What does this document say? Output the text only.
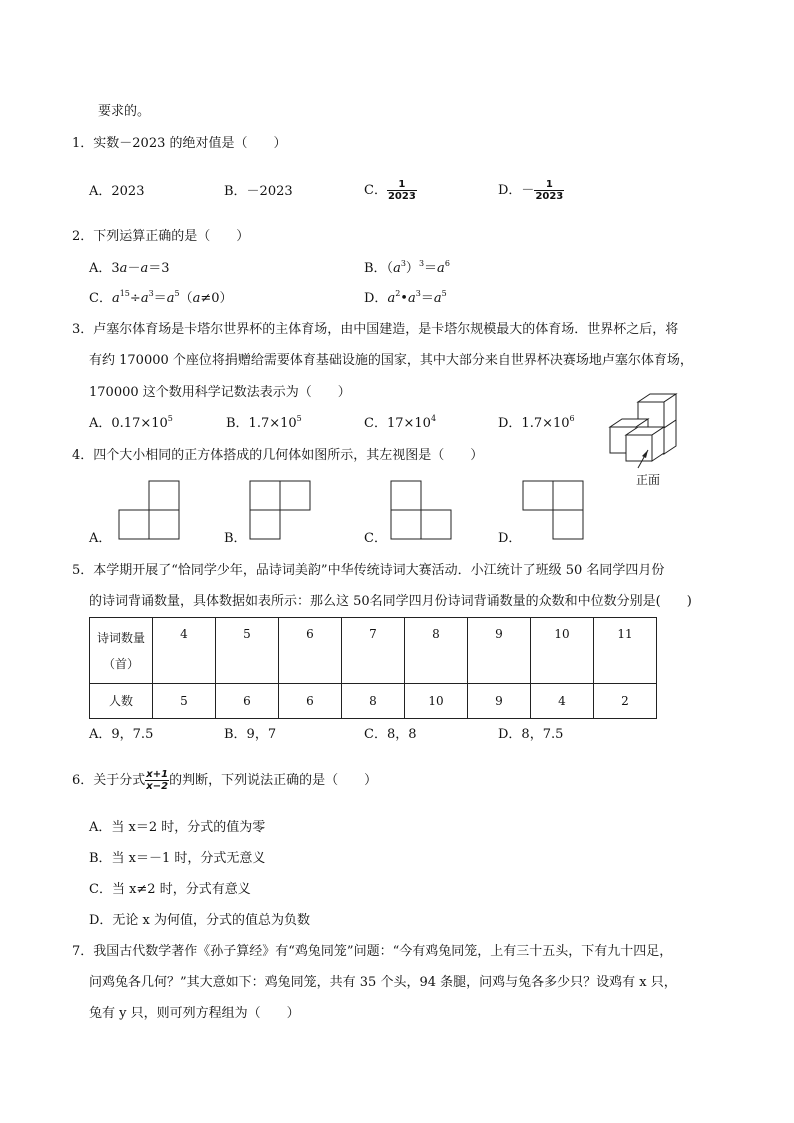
要求的。
1．实数－2023 的绝对值是（　　）
A．2023	B．－2023	C． $\frac{1}{2023}$	D．－ $\frac{1}{2023}$
2．下列运算正确的是（　　）
A．3a－a＝3	B．$(a^3)^3=a^6$
C．$a^{15}\div a^3=a^5(a\ne 0)$	D．$a^2•a^3=a^5$
3．卢塞尔体育场是卡塔尔世界杯的主体育场，由中国建造，是卡塔尔规模最大的体育场．世界杯之后，将
有约 170000 个座位将捐赠给需要体育基础设施的国家，其中大部分来自世界杯决赛场地卢塞尔体育场，
170000 这个数用科学记数法表示为（　　）
A．$0.17\times 10^5$	B．$1.7\times 10^5$	C．$17\times 10^4$	D．$1.7\times 10^6$
正面
4．四个大小相同的正方体搭成的几何体如图所示，其左视图是（　　）
A．	B．	C．	D．
5．本学期开展了“恰同学少年，品诗词美韵”中华传统诗词大赛活动．小江统计了班级 50 名同学四月份
的诗词背诵数量，具体数据如表所示：那么这 50名同学四月份诗词背诵数量的众数和中位数分别是(　　)
诗词数量
（首）	4	5	6	7	8	9	10	11
人数	5	6	6	8	10	9	4	2
A．9，7.5	B．9，7	C．8，8	D．8，7.5
6．关于分式 $\frac{x+1}{x-2}$ 的判断，下列说法正确的是（　　）
A．当 x＝2 时，分式的值为零
B．当 x＝－1 时，分式无意义
C．当 x≠2 时，分式有意义
D．无论 x 为何值，分式的值总为负数
7．我国古代数学著作《孙子算经》有“鸡兔同笼”问题：“今有鸡兔同笼，上有三十五头，下有九十四足，
问鸡兔各几何？”其大意如下：鸡兔同笼，共有 35 个头，94 条腿，问鸡与兔各多少只？设鸡有 x 只，
兔有 y 只，则可列方程组为（　　）
